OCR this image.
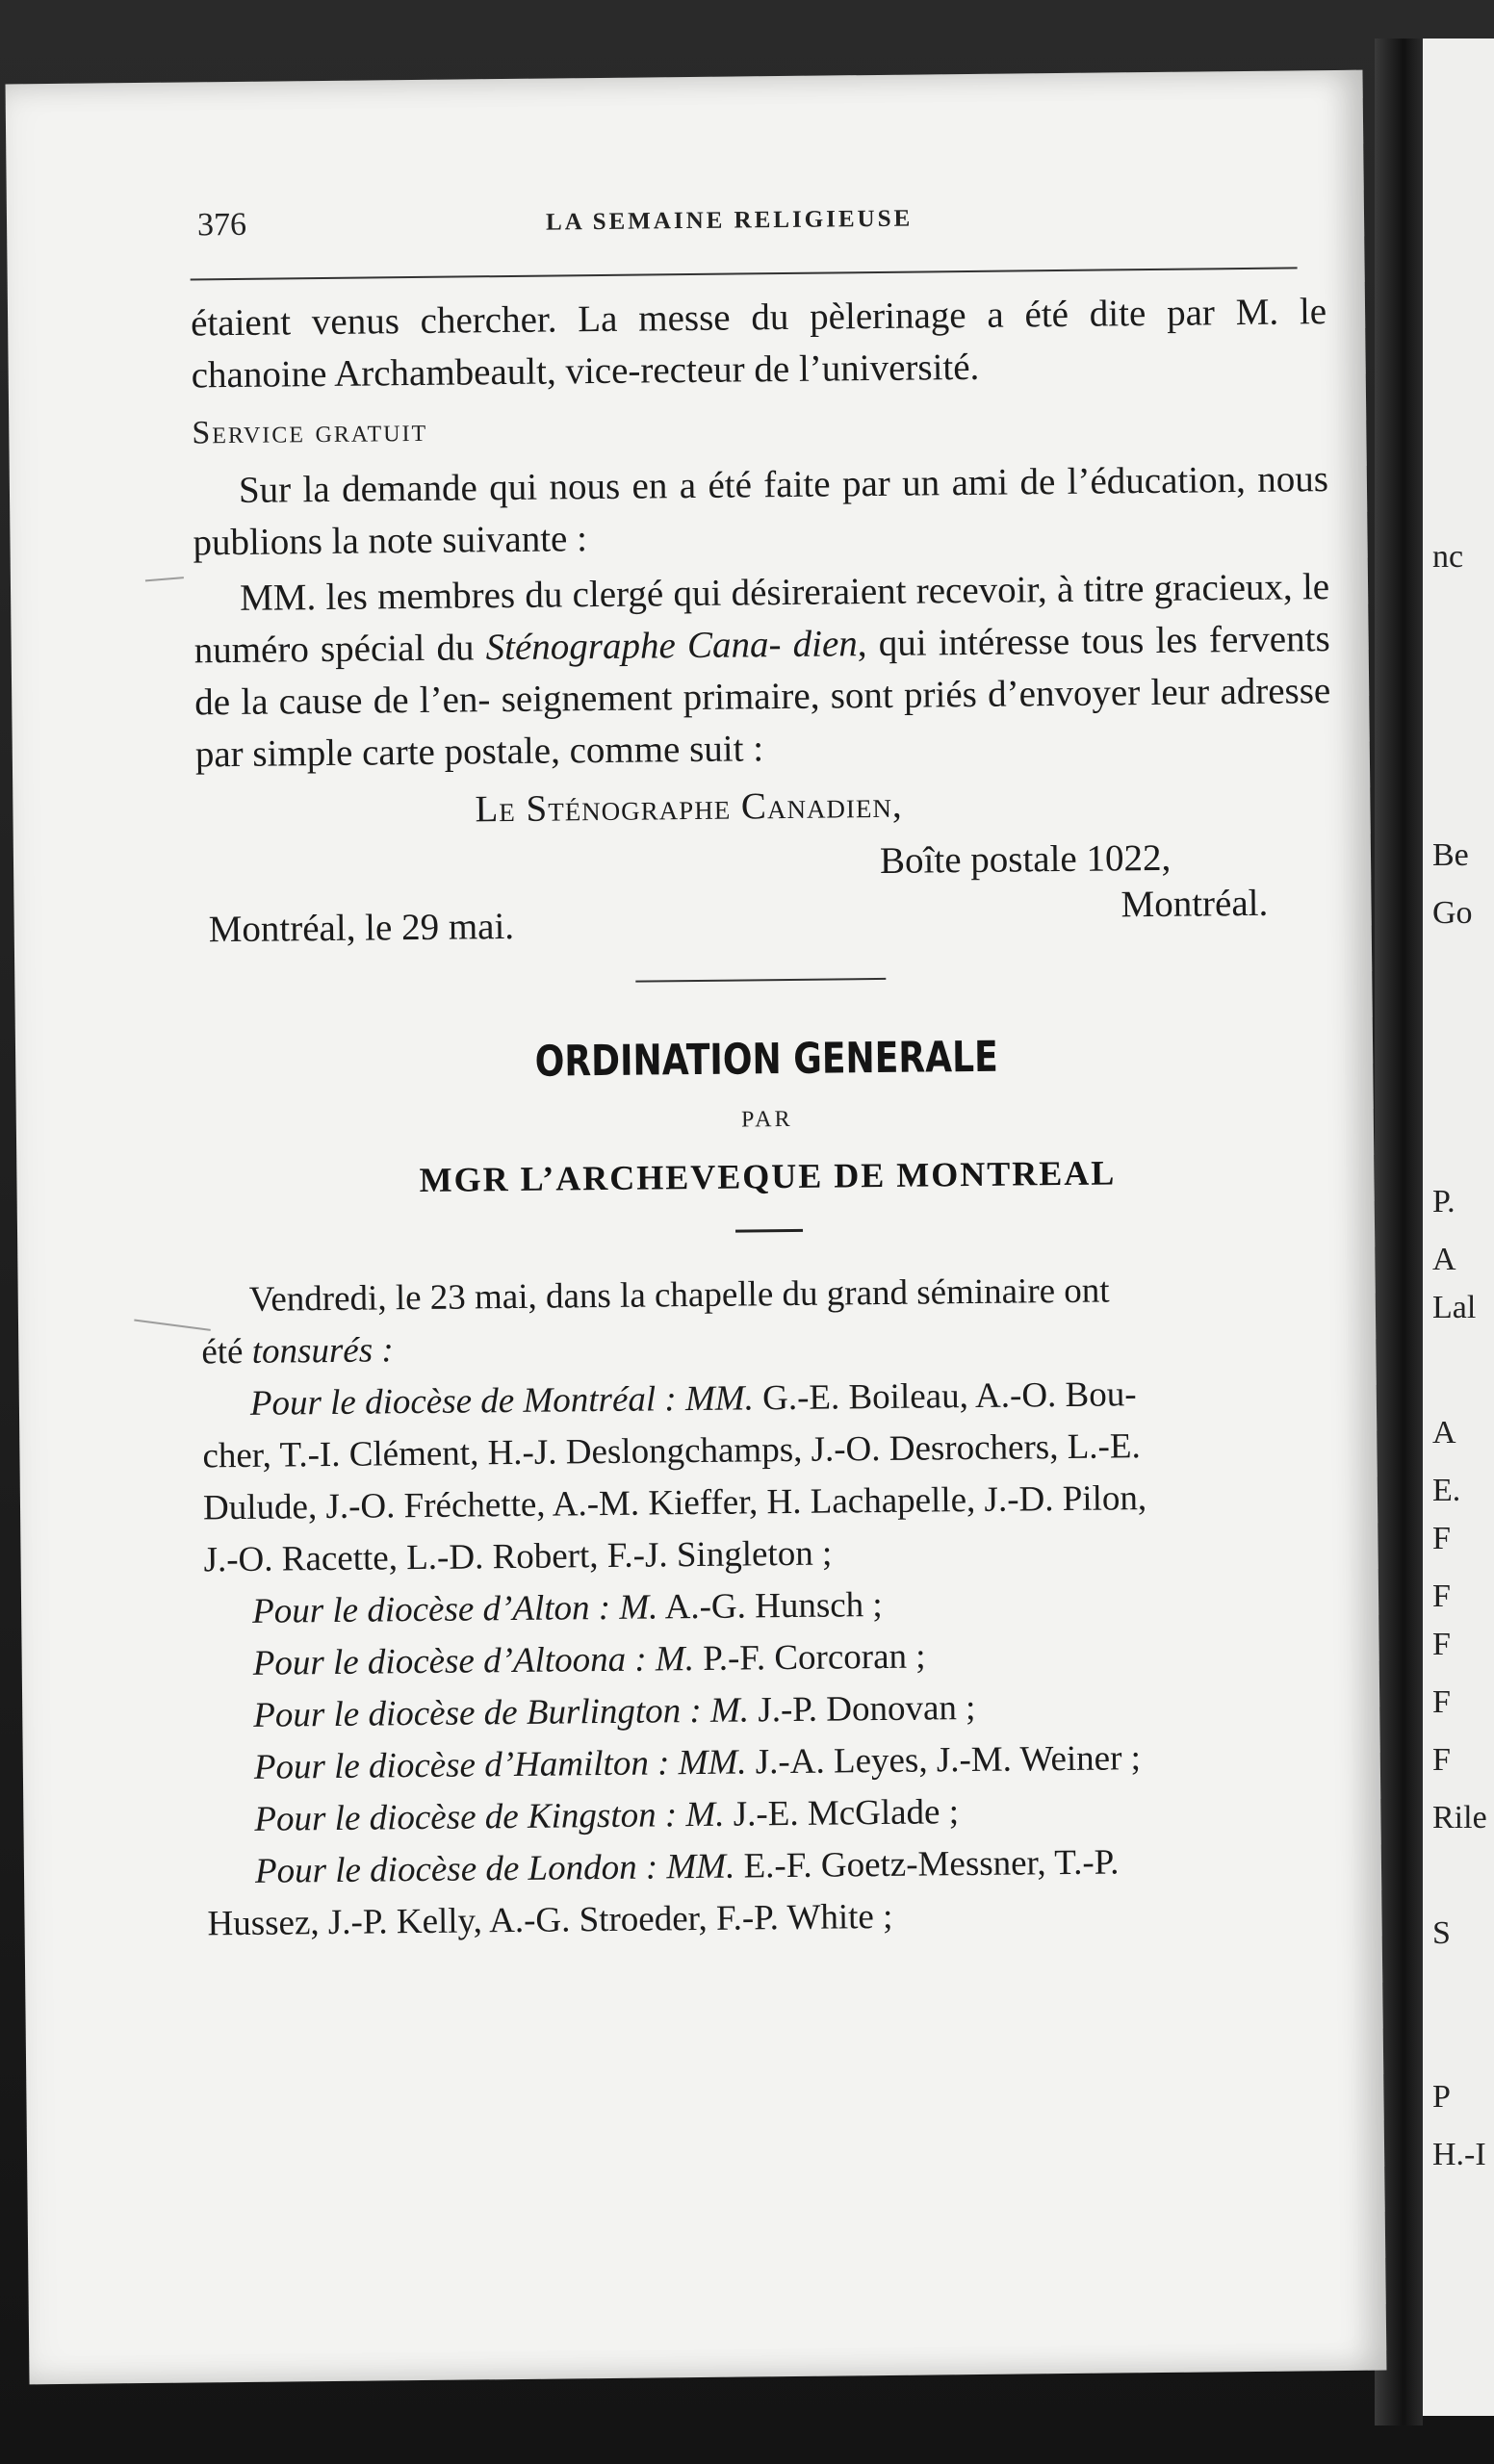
nc
Be
Go
P.
A
Lal
A
E.
F
F
F
F
F
Rile
S
P
H.-I
376	LA SEMAINE RELIGIEUSE

étaient venus chercher. La messe du pèlerinage a été dite par M. le chanoine Archambeault, vice-recteur de l’université.

Service gratuit

Sur la demande qui nous en a été faite par un ami de l’éducation, nous publions la note suivante :

MM. les membres du clergé qui désireraient recevoir, à titre gracieux, le numéro spécial du Sténographe Cana- dien, qui intéresse tous les fervents de la cause de l’en- seignement primaire, sont priés d’envoyer leur adresse par simple carte postale, comme suit :

Le Sténographe Canadien,
Boîte postale 1022,
Montréal, le 29 mai.
Montréal.
ORDINATION GENERALE
PAR
MGR L’ARCHEVEQUE DE MONTREAL
Vendredi, le 23 mai, dans la chapelle du grand séminaire ont
été tonsurés :
Pour le diocèse de Montréal : MM. G.-E. Boileau, A.-O. Bou-
cher, T.-I. Clément, H.-J. Deslongchamps, J.-O. Desrochers, L.-E.
Dulude, J.-O. Fréchette, A.-M. Kieffer, H. Lachapelle, J.-D. Pilon,
J.-O. Racette, L.-D. Robert, F.-J. Singleton ;
Pour le diocèse d’Alton : M. A.-G. Hunsch ;
Pour le diocèse d’Altoona : M. P.-F. Corcoran ;
Pour le diocèse de Burlington : M. J.-P. Donovan ;
Pour le diocèse d’Hamilton : MM. J.-A. Leyes, J.-M. Weiner ;
Pour le diocèse de Kingston : M. J.-E. McGlade ;
Pour le diocèse de London : MM. E.-F. Goetz-Messner, T.-P.
Hussez, J.-P. Kelly, A.-G. Stroeder, F.-P. White ;
